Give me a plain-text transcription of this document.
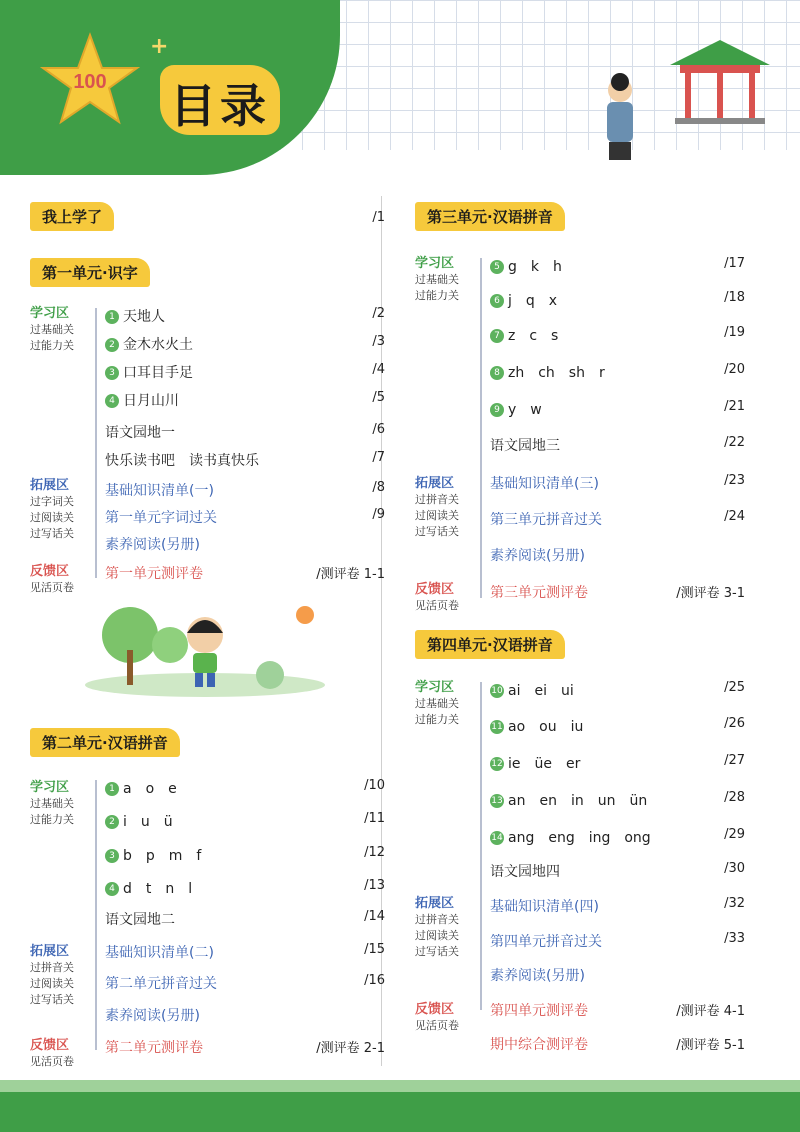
100
+
目录
我上学了	/1
第一单元·识字
学习区
过基础关
过能力关
拓展区
过字词关
过阅读关
过写话关
反馈区
见活页卷
1 天地人	/2
2 金木水火土	/3
3 口耳目手足	/4
4 日月山川	/5
语文园地一	/6
快乐读书吧　读书真快乐	/7
基础知识清单(一)	/8
第一单元字词过关	/9
素养阅读(另册)
第一单元测评卷	/测评卷 1-1
第二单元·汉语拼音
学习区
过基础关
过能力关
拓展区
过拼音关
过阅读关
过写话关
反馈区
见活页卷
1 a　o　e	/10
2 i　u　ü	/11
3 b　p　m　f	/12
4 d　t　n　l	/13
语文园地二	/14
基础知识清单(二)	/15
第二单元拼音过关	/16
素养阅读(另册)
第二单元测评卷	/测评卷 2-1
第三单元·汉语拼音
学习区
过基础关
过能力关
拓展区
过拼音关
过阅读关
过写话关
反馈区
见活页卷
5 g　k　h	/17
6 j　q　x	/18
7 z　c　s	/19
8 zh　ch　sh　r	/20
9 y　w	/21
语文园地三	/22
基础知识清单(三)	/23
第三单元拼音过关	/24
素养阅读(另册)
第三单元测评卷	/测评卷 3-1
第四单元·汉语拼音
学习区
过基础关
过能力关
拓展区
过拼音关
过阅读关
过写话关
反馈区
见活页卷
10 ai　ei　ui	/25
11 ao　ou　iu	/26
12 ie　üe　er	/27
13 an　en　in　un　ün	/28
14 ang　eng　ing　ong	/29
语文园地四	/30
基础知识清单(四)	/32
第四单元拼音过关	/33
素养阅读(另册)
第四单元测评卷	/测评卷 4-1
期中综合测评卷	/测评卷 5-1
